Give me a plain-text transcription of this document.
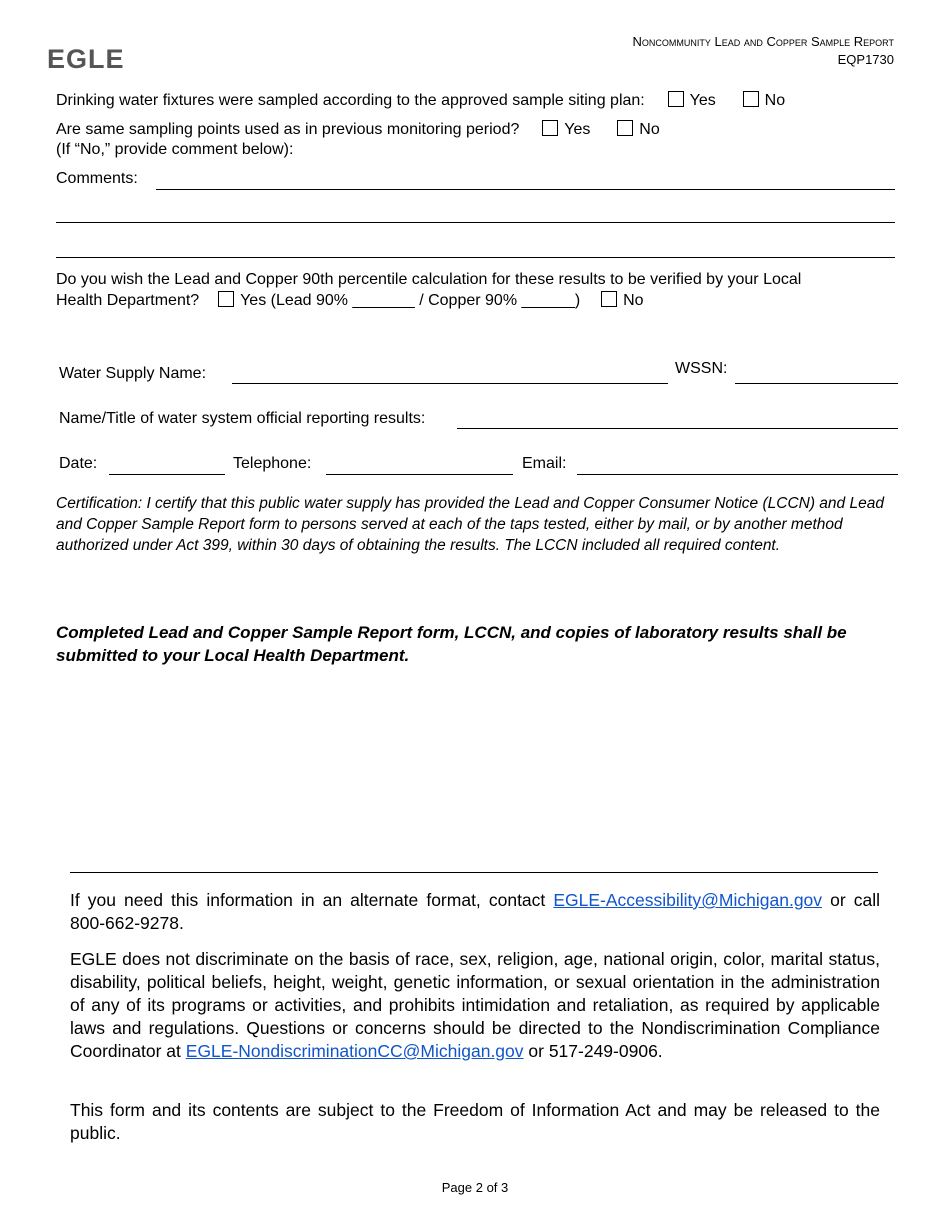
EGLE
Noncommunity Lead and Copper Sample Report
EQP1730
Drinking water fixtures were sampled according to the approved sample siting plan:	Yes	No
Are same sampling points used as in previous monitoring period?	Yes	No
(If “No,” provide comment below):
Comments:
Do you wish the Lead and Copper 90th percentile calculation for these results to be verified by your Local
Health Department?	Yes (Lead 90% _______ / Copper 90% ______)	No
Water Supply Name:	WSSN:
Name/Title of water system official reporting results:
Date:	Telephone:	Email:
Certification: I certify that this public water supply has provided the Lead and Copper Consumer Notice (LCCN) and Lead and Copper Sample Report form to persons served at each of the taps tested, either by mail, or by another method authorized under Act 399, within 30 days of obtaining the results. The LCCN included all required content.
Completed Lead and Copper Sample Report form, LCCN, and copies of laboratory results shall be submitted to your Local Health Department.
If you need this information in an alternate format, contact EGLE-Accessibility@Michigan.gov or call 800-662-9278.
EGLE does not discriminate on the basis of race, sex, religion, age, national origin, color, marital status, disability, political beliefs, height, weight, genetic information, or sexual orientation in the administration of any of its programs or activities, and prohibits intimidation and retaliation, as required by applicable laws and regulations. Questions or concerns should be directed to the Nondiscrimination Compliance Coordinator at EGLE-NondiscriminationCC@Michigan.gov or 517-249-0906.
This form and its contents are subject to the Freedom of Information Act and may be released to the public.
Page 2 of 3
